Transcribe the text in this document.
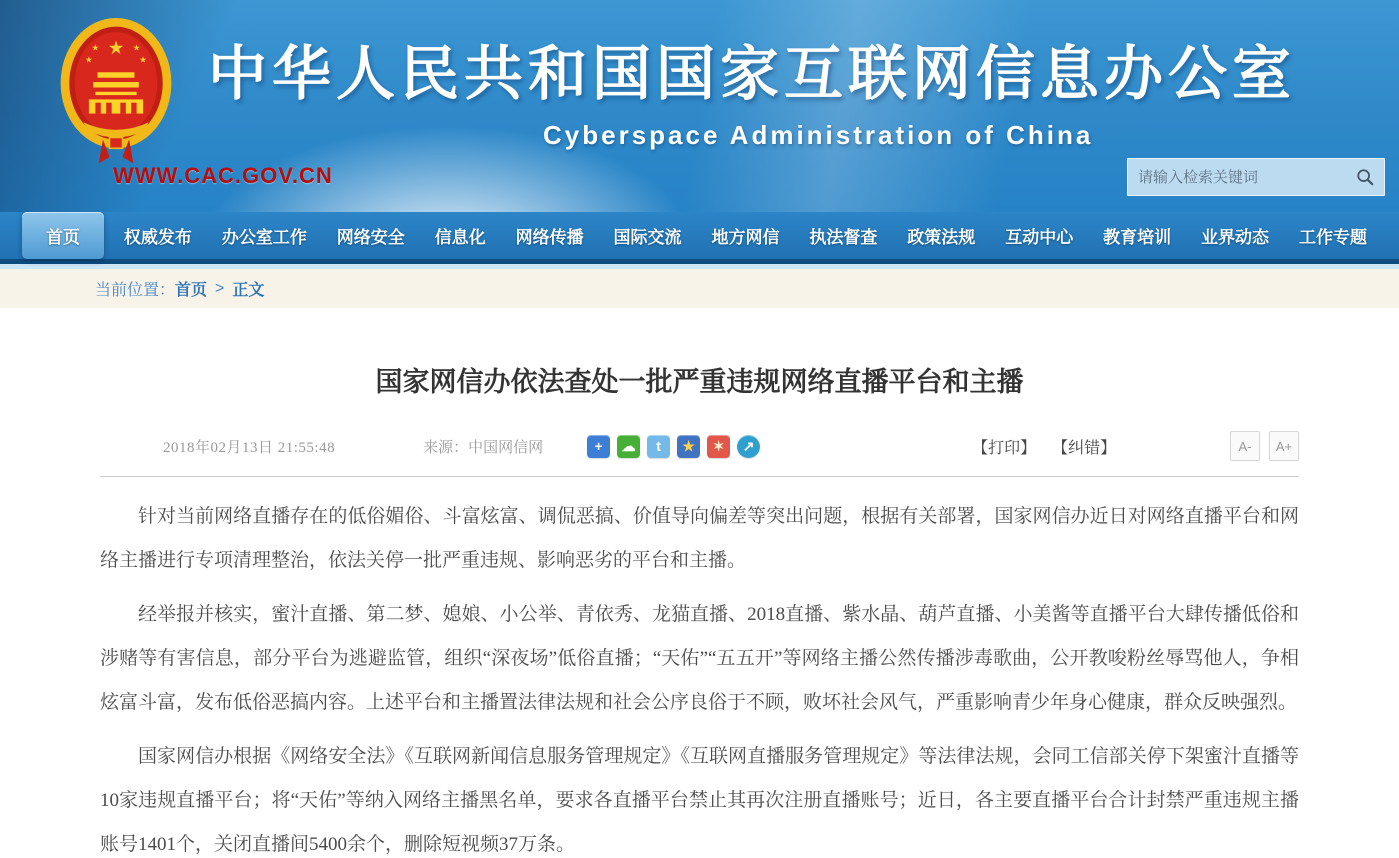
★
★	★
★	★ 中华人民共和国国家互联网信息办公室
Cyberspace Administration of China
WWW.CAC.GOV.CN
请输入检索关键词
首页	权威发布	办公室工作	网络安全	信息化	网络传播	国际交流	地方网信	执法督查	政策法规	互动中心	教育培训	业界动态	工作专题
当前位置： 首页 > 正文
国家网信办依法查处一批严重违规网络直播平台和主播
2018年02月13日 21:55:48	来源：中国网信网	+	☁	t	★	✶	↗	【打印】 【纠错】	A-	A+

针对当前网络直播存在的低俗媚俗、斗富炫富、调侃恶搞、价值导向偏差等突出问题，根据有关部署，国家网信办近日对网络直播平台和网络主播进行专项清理整治，依法关停一批严重违规、影响恶劣的平台和主播。

经举报并核实，蜜汁直播、第二梦、媳娘、小公举、青依秀、龙猫直播、2018直播、紫水晶、葫芦直播、小美酱等直播平台大肆传播低俗和涉赌等有害信息，部分平台为逃避监管，组织“深夜场”低俗直播；“天佑”“五五开”等网络主播公然传播涉毒歌曲，公开教唆粉丝辱骂他人，争相炫富斗富，发布低俗恶搞内容。上述平台和主播置法律法规和社会公序良俗于不顾，败坏社会风气，严重影响青少年身心健康，群众反映强烈。

国家网信办根据《网络安全法》《互联网新闻信息服务管理规定》《互联网直播服务管理规定》等法律法规，会同工信部关停下架蜜汁直播等10家违规直播平台；将“天佑”等纳入网络主播黑名单，要求各直播平台禁止其再次注册直播账号；近日，各主要直播平台合计封禁严重违规主播账号1401个，关闭直播间5400余个，删除短视频37万条。
